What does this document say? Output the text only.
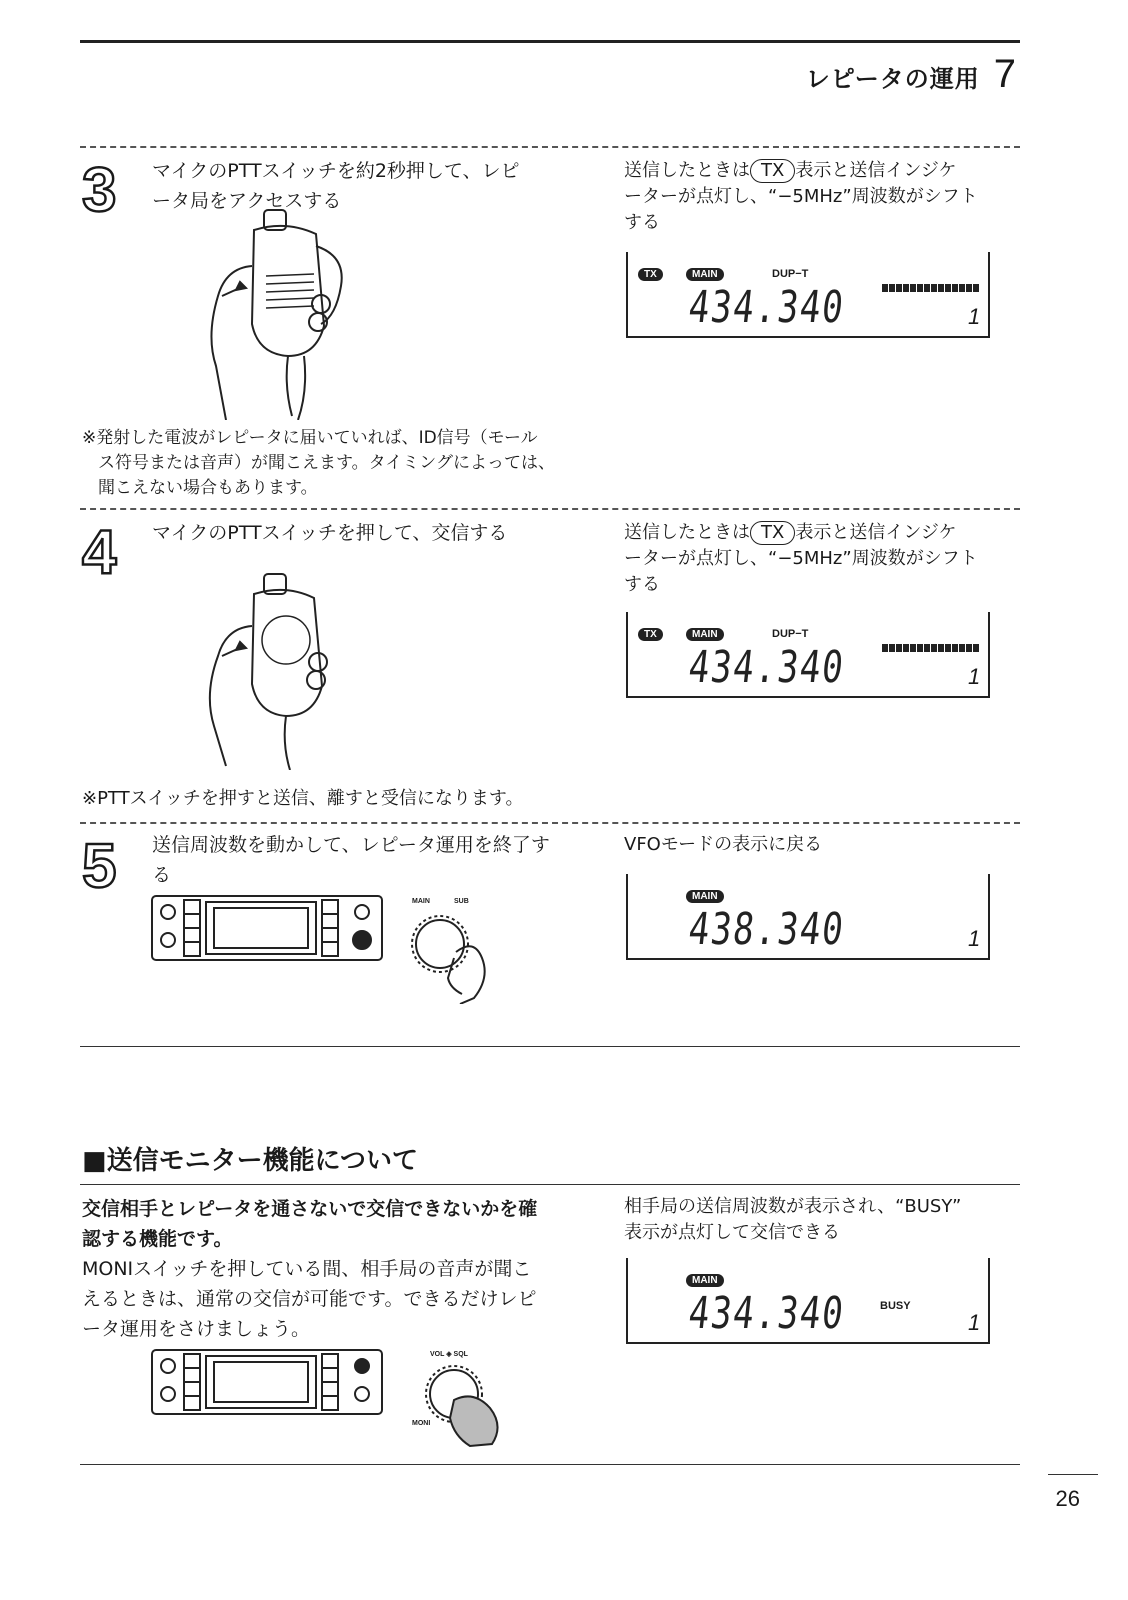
レピータの運用 7
3 マイクのPTTスイッチを約2秒押して、レピ
ータ局をアクセスする
送信したときは TX 表示と送信インジケ
ーターが点灯し、“−5MHz”周波数がシフト
する
TX	MAIN	DUP−T
434.340	1
※発射した電波がレピータに届いていれば、ID信号（モール
ス符号または音声）が聞こえます。タイミングによっては、
聞こえない場合もあります。
4 マイクのPTTスイッチを押して、交信する	送信したときは TX 表示と送信インジケ
ーターが点灯し、“−5MHz”周波数がシフト
する
TX	MAIN	DUP−T
434.340	1
※PTTスイッチを押すと送信、離すと受信になります。
5 送信周波数を動かして、レピータ運用を終了す
る
MAIN	SUB
VFOモードの表示に戻る
MAIN
438.340	1
■送信モニター機能について
交信相手とレピータを通さないで交信できないかを確
認する機能です。
MONIスイッチを押している間、相手局の音声が聞こ
えるときは、通常の交信が可能です。できるだけレピ
ータ運用をさけましょう。
VOL ◈ SQL
MONI
相手局の送信周波数が表示され、“BUSY”
表示が点灯して交信できる
MAIN
434.340	BUSY
1
26
